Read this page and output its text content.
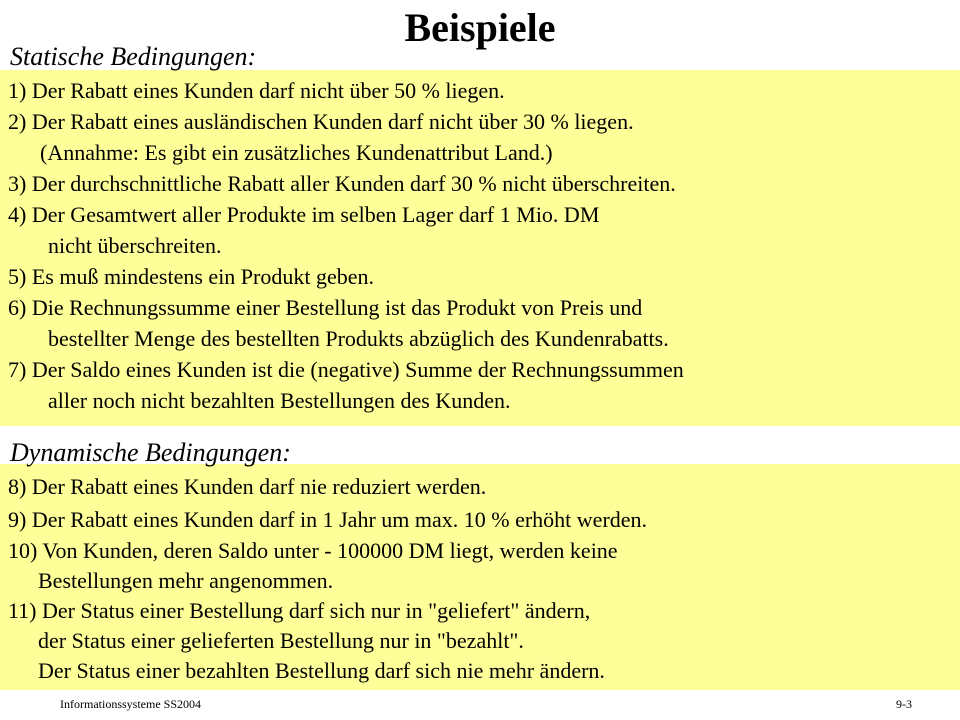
Beispiele
1) Der Rabatt eines Kunden darf nicht über 50 % liegen.
2) Der Rabatt eines ausländischen Kunden darf nicht über 30 % liegen.
(Annahme: Es gibt ein zusätzliches Kundenattribut Land.)
3) Der durchschnittliche Rabatt aller Kunden darf 30 % nicht überschreiten.
4) Der Gesamtwert aller Produkte im selben Lager darf 1 Mio. DM
nicht überschreiten.
5) Es muß mindestens ein Produkt geben.
6) Die Rechnungssumme einer Bestellung ist das Produkt von Preis und
bestellter Menge des bestellten Produkts abzüglich des Kundenrabatts.
7) Der Saldo eines Kunden ist die (negative) Summe der Rechnungssummen
aller noch nicht bezahlten Bestellungen des Kunden.
Statische Bedingungen:
8) Der Rabatt eines Kunden darf nie reduziert werden.
9) Der Rabatt eines Kunden darf in 1 Jahr um max. 10 % erhöht werden.
10) Von Kunden, deren Saldo unter - 100000 DM liegt, werden keine
Bestellungen mehr angenommen.
11) Der Status einer Bestellung darf sich nur in "geliefert" ändern,
der Status einer gelieferten Bestellung nur in "bezahlt".
Der Status einer bezahlten Bestellung darf sich nie mehr ändern.
Dynamische Bedingungen:
Informationssysteme SS2004	9-3
